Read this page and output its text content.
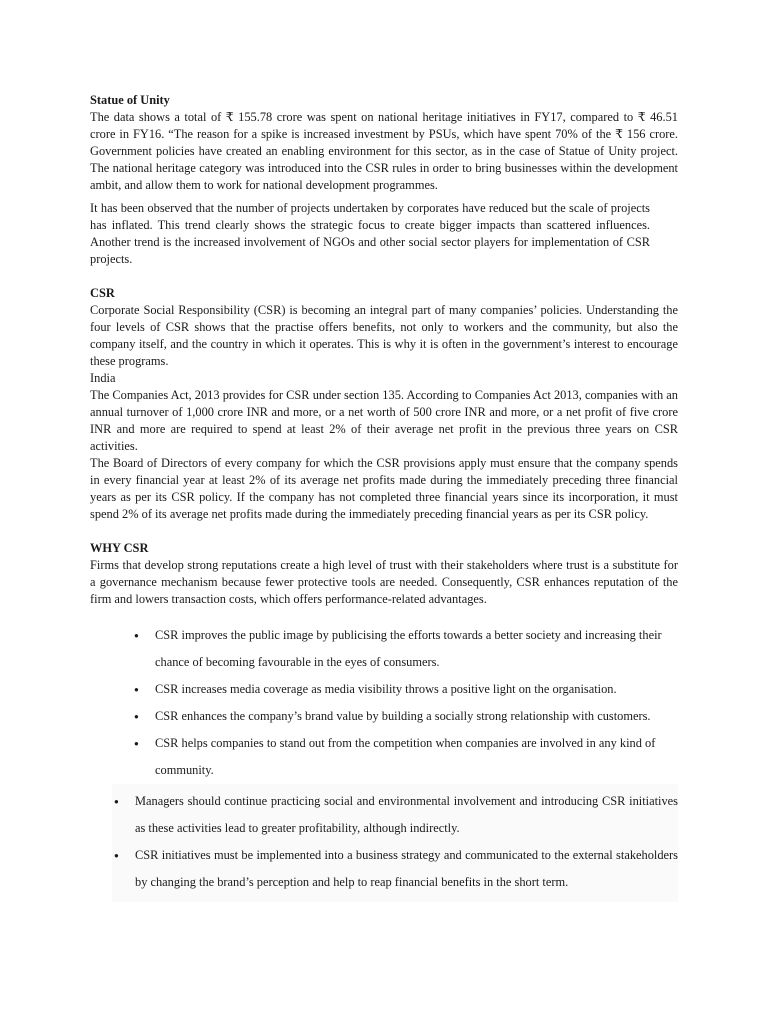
Statue of Unity

The data shows a total of ₹ 155.78 crore was spent on national heritage initiatives in FY17, compared to ₹ 46.51 crore in FY16. “The reason for a spike is increased investment by PSUs, which have spent 70% of the ₹ 156 crore. Government policies have created an enabling environment for this sector, as in the case of Statue of Unity project. The national heritage category was introduced into the CSR rules in order to bring businesses within the development ambit, and allow them to work for national development programmes.

It has been observed that the number of projects undertaken by corporates have reduced but the scale of projects has inflated. This trend clearly shows the strategic focus to create bigger impacts than scattered influences. Another trend is the increased involvement of NGOs and other social sector players for implementation of CSR projects.

CSR

Corporate Social Responsibility (CSR) is becoming an integral part of many companies’ policies. Understanding the four levels of CSR shows that the practise offers benefits, not only to workers and the community, but also the company itself, and the country in which it operates. This is why it is often in the government’s interest to encourage these programs.

India

The Companies Act, 2013 provides for CSR under section 135. According to Companies Act 2013, companies with an annual turnover of 1,000 crore INR and more, or a net worth of 500 crore INR and more, or a net profit of five crore INR and more are required to spend at least 2% of their average net profit in the previous three years on CSR activities.

The Board of Directors of every company for which the CSR provisions apply must ensure that the company spends in every financial year at least 2% of its average net profits made during the immediately preceding three financial years as per its CSR policy. If the company has not completed three financial years since its incorporation, it must spend 2% of its average net profits made during the immediately preceding financial years as per its CSR policy.

WHY CSR

Firms that develop strong reputations create a high level of trust with their stakeholders where trust is a substitute for a governance mechanism because fewer protective tools are needed. Consequently, CSR enhances reputation of the firm and lowers transaction costs, which offers performance-related advantages.

● CSR improves the public image by publicising the efforts towards a better society and increasing their chance of becoming favourable in the eyes of consumers.
● CSR increases media coverage as media visibility throws a positive light on the organisation.
● CSR enhances the company’s brand value by building a socially strong relationship with customers.
● CSR helps companies to stand out from the competition when companies are involved in any kind of community.
● Managers should continue practicing social and environmental involvement and introducing CSR initiatives as these activities lead to greater profitability, although indirectly.
● CSR initiatives must be implemented into a business strategy and communicated to the external stakeholders by changing the brand’s perception and help to reap financial benefits in the short term.
